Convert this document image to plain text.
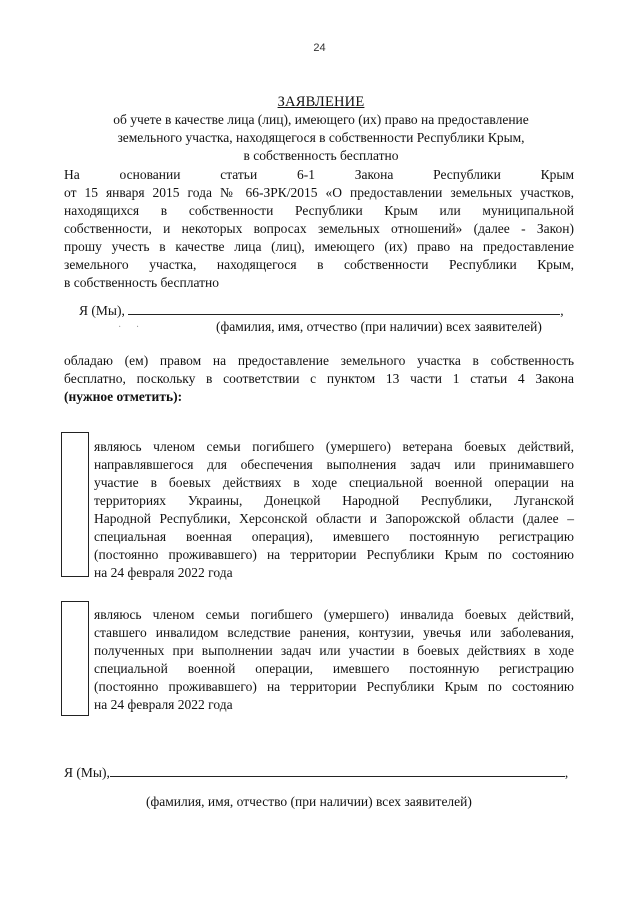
24
ЗАЯВЛЕНИЕ
об учете в качестве лица (лиц), имеющего (их) право на предоставление
земельного участка, находящегося в собственности Республики Крым,
в собственность бесплатно
На основании статьи 6-1 Закона Республики Крым
от 15 января 2015 года № 66-ЗРК/2015 «О предоставлении земельных участков,
находящихся в собственности Республики Крым или муниципальной
собственности, и некоторых вопросах земельных отношений» (далее - Закон)
прошу учесть в качестве лица (лиц), имеющего (их) право на предоставление
земельного участка, находящегося в собственности Республики Крым,
в собственность бесплатно
Я (Мы),	,
· ·	(фамилия, имя, отчество (при наличии) всех заявителей)
обладаю (ем) правом на предоставление земельного участка в собственность
бесплатно, поскольку в соответствии с пунктом 13 части 1 статьи 4 Закона
(нужное отметить):
являюсь членом семьи погибшего (умершего) ветерана боевых действий,
направлявшегося для обеспечения выполнения задач или принимавшего
участие в боевых действиях в ходе специальной военной операции на
территориях Украины, Донецкой Народной Республики, Луганской
Народной Республики, Херсонской области и Запорожской области (далее –
специальная военная операция), имевшего постоянную регистрацию
(постоянно проживавшего) на территории Республики Крым по состоянию
на 24 февраля 2022 года
являюсь членом семьи погибшего (умершего) инвалида боевых действий,
ставшего инвалидом вследствие ранения, контузии, увечья или заболевания,
полученных при выполнении задач или участии в боевых действиях в ходе
специальной военной операции, имевшего постоянную регистрацию
(постоянно проживавшего) на территории Республики Крым по состоянию
на 24 февраля 2022 года
Я (Мы),	,
(фамилия, имя, отчество (при наличии) всех заявителей)
